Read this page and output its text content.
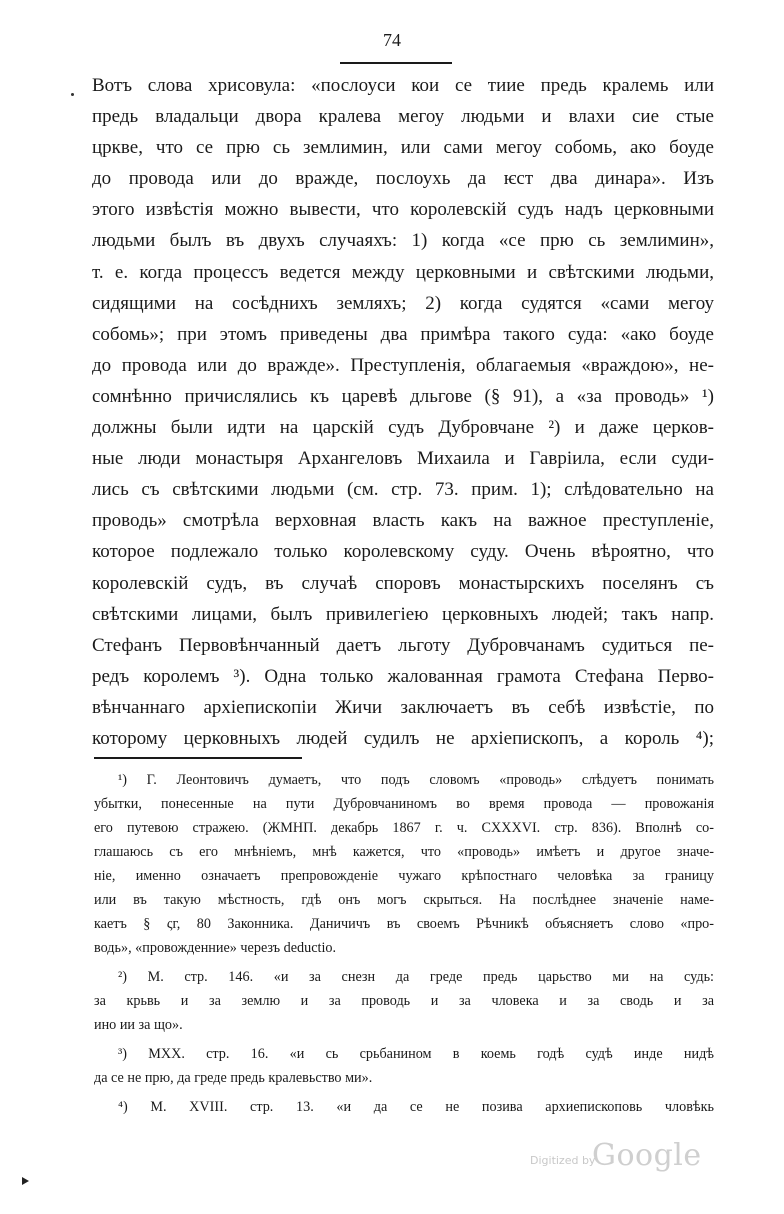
74
Вотъ слова хрисовула: «послоуси кои се тиие предь кралемь или
предь владальци двора кралева мегоу людьми и влахи сие стые
цркве, что се прю сь землимин, или сами мегоу собомь, ако боуде
до провода или до враждe, послоухь да ѥст два динара». Изъ
этого извѣстія можно вывести, что королевскій судъ надъ церковными
людьми былъ въ двухъ случаяхъ: 1) когда «се прю сь землимин»,
т. е. когда процессъ ведется между церковными и свѣтскими людьми,
сидящими на сосѣднихъ земляхъ; 2) когда судятся «сами мегоу
собомь»; при этомъ приведены два примѣра такого суда: «ако боуде
до провода или до вражде». Преступленія, облагаемыя «враждою», не-
сомнѣнно причислялись къ царевѣ дльгове (§ 91), а «за проводь» ¹)
должны были идти на царскій судъ Дубровчане ²) и даже церков-
ные люди монастыря Архангеловъ Михаила и Гавріила, если суди-
лись съ свѣтскими людьми (см. стр. 73. прим. 1); слѣдовательно на
проводь» смотрѣла верховная власть какъ на важное преступленіе,
которое подлежало только королевскому суду. Очень вѣроятно, что
королевскій судъ, въ случаѣ споровъ монастырскихъ поселянъ съ
свѣтскими лицами, былъ привилегіею церковныхъ людей; такъ напр.
Стефанъ Первовѣнчанный даетъ льготу Дубровчанамъ судиться пе-
редъ королемъ ³). Одна только жалованная грамота Стефана Перво-
вѣнчаннаго архіепископіи Жичи заключаетъ въ себѣ извѣстіе, по
которому церковныхъ людей судилъ не архіепископъ, а король ⁴);
¹) Г. Леонтовичъ думаетъ, что подъ словомъ «проводь» слѣдуетъ понимать
убытки, понесенные на пути Дубровчаниномъ во время провода — провожанія
его путевою стражею. (ЖМНП. декабрь 1867 г. ч. CXXXVI. стр. 836). Вполнѣ со-
глашаюсь съ его мнѣніемъ, мнѣ кажется, что «проводь» имѣетъ и другое значе-
ніе, именно означаетъ препровожденіе чужаго крѣпостнаго человѣка за границу
или въ такую мѣстность, гдѣ онъ могъ скрыться. На послѣднее значеніе наме-
каетъ § ςг, 80 Законника. Даничичъ въ своемъ Рѣчникѣ объясняетъ слово «про-
водь», «провожденние» черезъ deductio.
²) М. стр. 146. «и за снезн да греде предь царьство ми на судь:
за крьвь и за землю и за проводь и за чловека и за сводь и за
ино ии за що».
³) МХХ. стр. 16. «и сь срьбанином в коемь годѣ судѣ инде нидѣ
да се не прю, да греде предь кралевьство ми».
⁴) М. XVIII. стр. 13. «и да се не позива архиепископовь чловѣкь
Digitized by
Google
